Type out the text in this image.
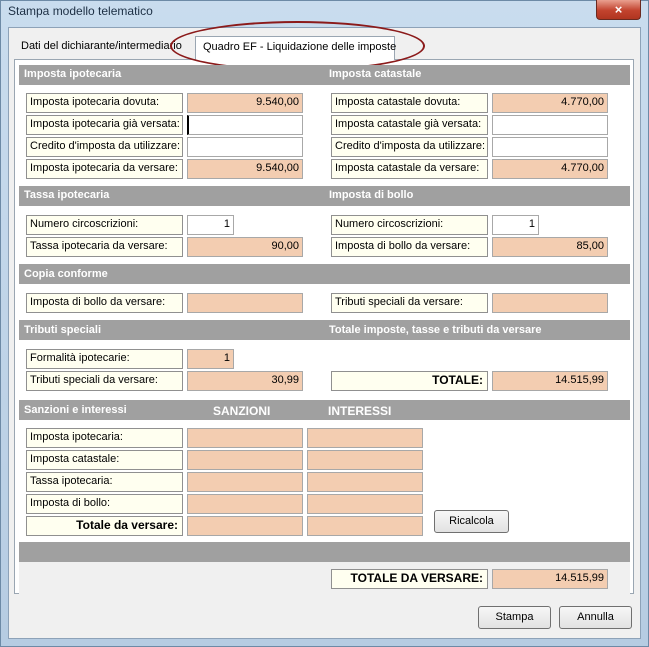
Stampa modello telematico	×
Dati del dichiarante/intermediario	Quadro EF - Liquidazione delle imposte
Imposta ipotecaria	Imposta catastale
Imposta ipotecaria dovuta:	9.540,00
Imposta ipotecaria già versata:
Credito d'imposta da utilizzare:
Imposta ipotecaria da versare:	9.540,00
Imposta catastale dovuta:	4.770,00
Imposta catastale già versata:
Credito d'imposta da utilizzare:
Imposta catastale da versare:	4.770,00
Tassa ipotecaria	Imposta di bollo
Numero circoscrizioni:	1
Tassa ipotecaria da versare:	90,00
Numero circoscrizioni:	1
Imposta di bollo da versare:	85,00
Copia conforme
Imposta di bollo da versare:	Tributi speciali da versare:
Tributi speciali	Totale imposte, tasse e tributi da versare
Formalità ipotecarie:	1
Tributi speciali da versare:	30,99	TOTALE:	14.515,99
Sanzioni e interessi	SANZIONI	INTERESSI
Imposta ipotecaria:
Imposta catastale:
Tassa ipotecaria:
Imposta di bollo:
Totale da versare:	Ricalcola
TOTALE DA VERSARE:	14.515,99
Stampa	Annulla
